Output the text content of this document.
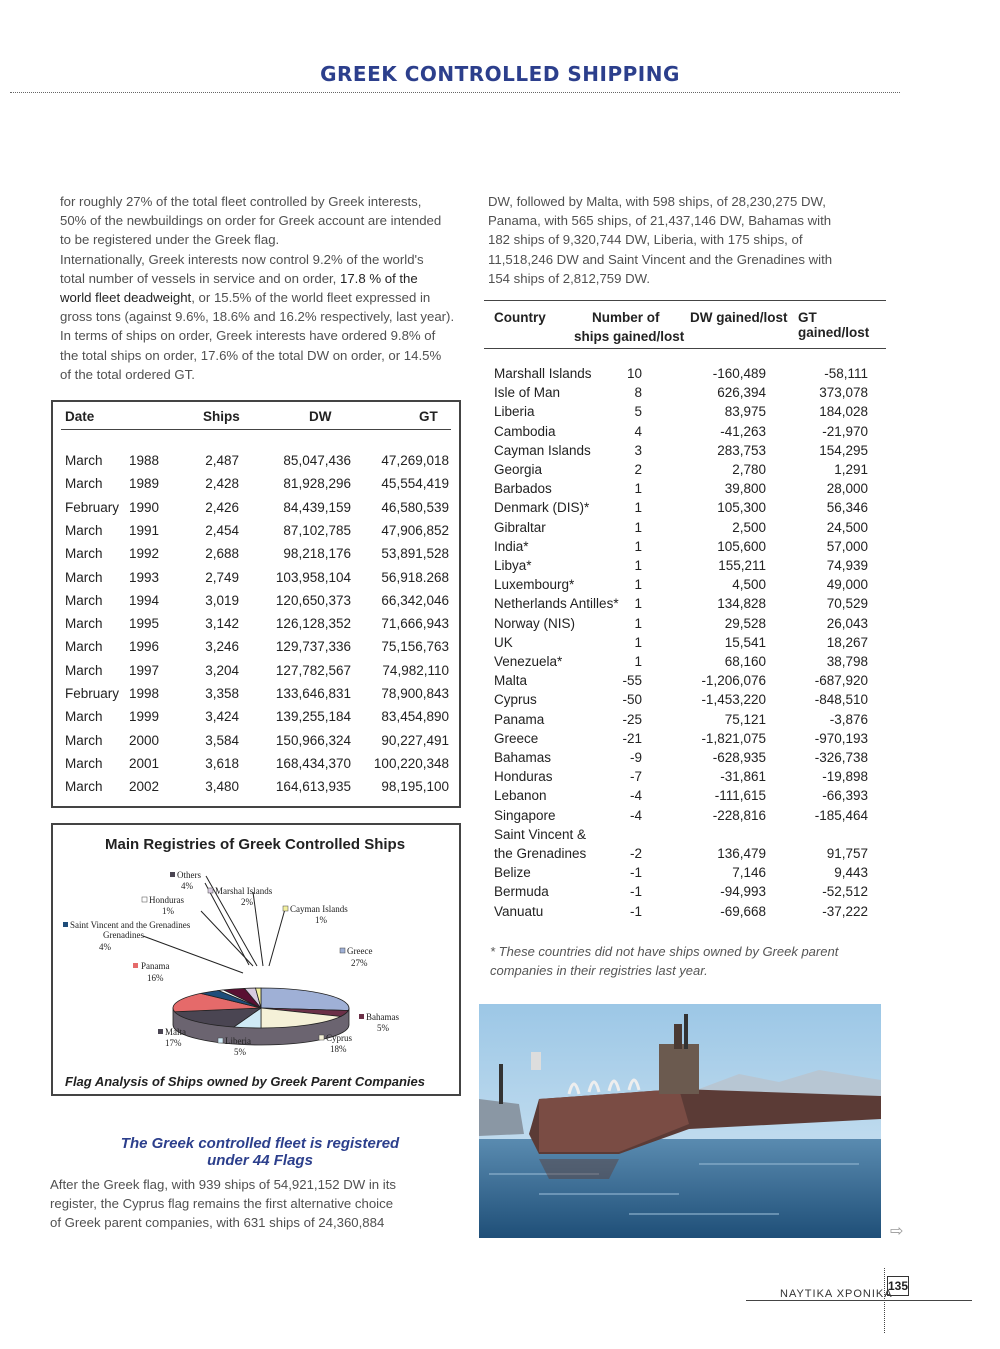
GREEK CONTROLLED SHIPPING
for roughly 27% of the total fleet controlled by Greek interests,
50% of the newbuildings on order for Greek account are intended
to be registered under the Greek flag.
Internationally, Greek interests now control 9.2% of the world's
total number of vessels in service and on order, 17.8 % of the
world fleet deadweight, or 15.5% of the world fleet expressed in
gross tons (against 9.6%, 18.6% and 16.2% respectively, last year).
In terms of ships on order, Greek interests have ordered 9.8% of
the total ships on order, 17.6% of the total DW on order, or 14.5%
of the total ordered GT.
Date	Ships	DW	GT
March 1988	2,487	85,047,436 47,269,018
March 1989	2,428	81,928,296 45,554,419
February 1990	2,426	84,439,159 46,580,539
March 1991	2,454	87,102,785 47,906,852
March 1992	2,688	98,218,176 53,891,528
March 1993	2,749	103,958,104 56,918.268
March 1994	3,019	120,650,373 66,342,046
March 1995	3,142	126,128,352 71,666,943
March 1996	3,246	129,737,336 75,156,763
March 1997	3,204	127,782,567 74,982,110
February 1998	3,358	133,646,831 78,900,843
March 1999	3,424	139,255,184 83,454,890
March 2000	3,584	150,966,324 90,227,491
March 2001	3,618	168,434,370 100,220,348
March 2002	3,480	164,613,935 98,195,100
Main Registries of Greek Controlled Ships
Others
4% Marshal Islands
2%
Honduras
1%	Cayman Islands
1%
Saint Vincent and the Grenadines
Grenadines
4%	Greece
27%
Panama
16%
Bahamas
5%
Malta
17%	Liberia
5%
Cyprus
18%
Flag Analysis of Ships owned by Greek Parent Companies
The Greek controlled fleet is registered
under 44 Flags
After the Greek flag, with 939 ships of 54,921,152 DW in its
register, the Cyprus flag remains the first alternative choice
of Greek parent companies, with 631 ships of 24,360,884
DW, followed by Malta, with 598 ships, of 28,230,275 DW,
Panama, with 565 ships, of 21,437,146 DW, Bahamas with
182 ships of 9,320,744 DW, Liberia, with 175 ships, of
11,518,246 DW and Saint Vincent and the Grenadines with
154 ships of 2,812,759 DW.
Country	Number of
ships gained/lost
DW gained/lost GT gained/lost
Marshall Islands	10	-160,489	-58,111
Isle of Man	8	626,394	373,078
Liberia	5	83,975	184,028
Cambodia	4	-41,263	-21,970
Cayman Islands	3	283,753	154,295
Georgia	2	2,780	1,291
Barbados	1	39,800	28,000
Denmark (DIS)*	1	105,300	56,346
Gibraltar	1	2,500	24,500
India*	1	105,600	57,000
Libya*	1	155,211	74,939
Luxembourg*	1	4,500	49,000
Netherlands Antilles* 1	134,828	70,529
Norway (NIS)	1	29,528	26,043
UK	1	15,541	18,267
Venezuela*	1	68,160	38,798
Malta	-55	-1,206,076	-687,920
Cyprus	-50	-1,453,220	-848,510
Panama	-25	75,121	-3,876
Greece	-21	-1,821,075	-970,193
Bahamas	-9	-628,935	-326,738
Honduras	-7	-31,861	-19,898
Lebanon	-4	-111,615	-66,393
Singapore	-4	-228,816	-185,464
Saint Vincent &
the Grenadines	-2	136,479	91,757
Belize	-1	7,146	9,443
Bermuda	-1	-94,993	-52,512
Vanuatu	-1	-69,668	-37,222
* These countries did not have ships owned by Greek parent
companies in their registries last year.
⇨
ΝΑΥΤΙΚΑ ΧΡΟΝΙΚΑ
135
